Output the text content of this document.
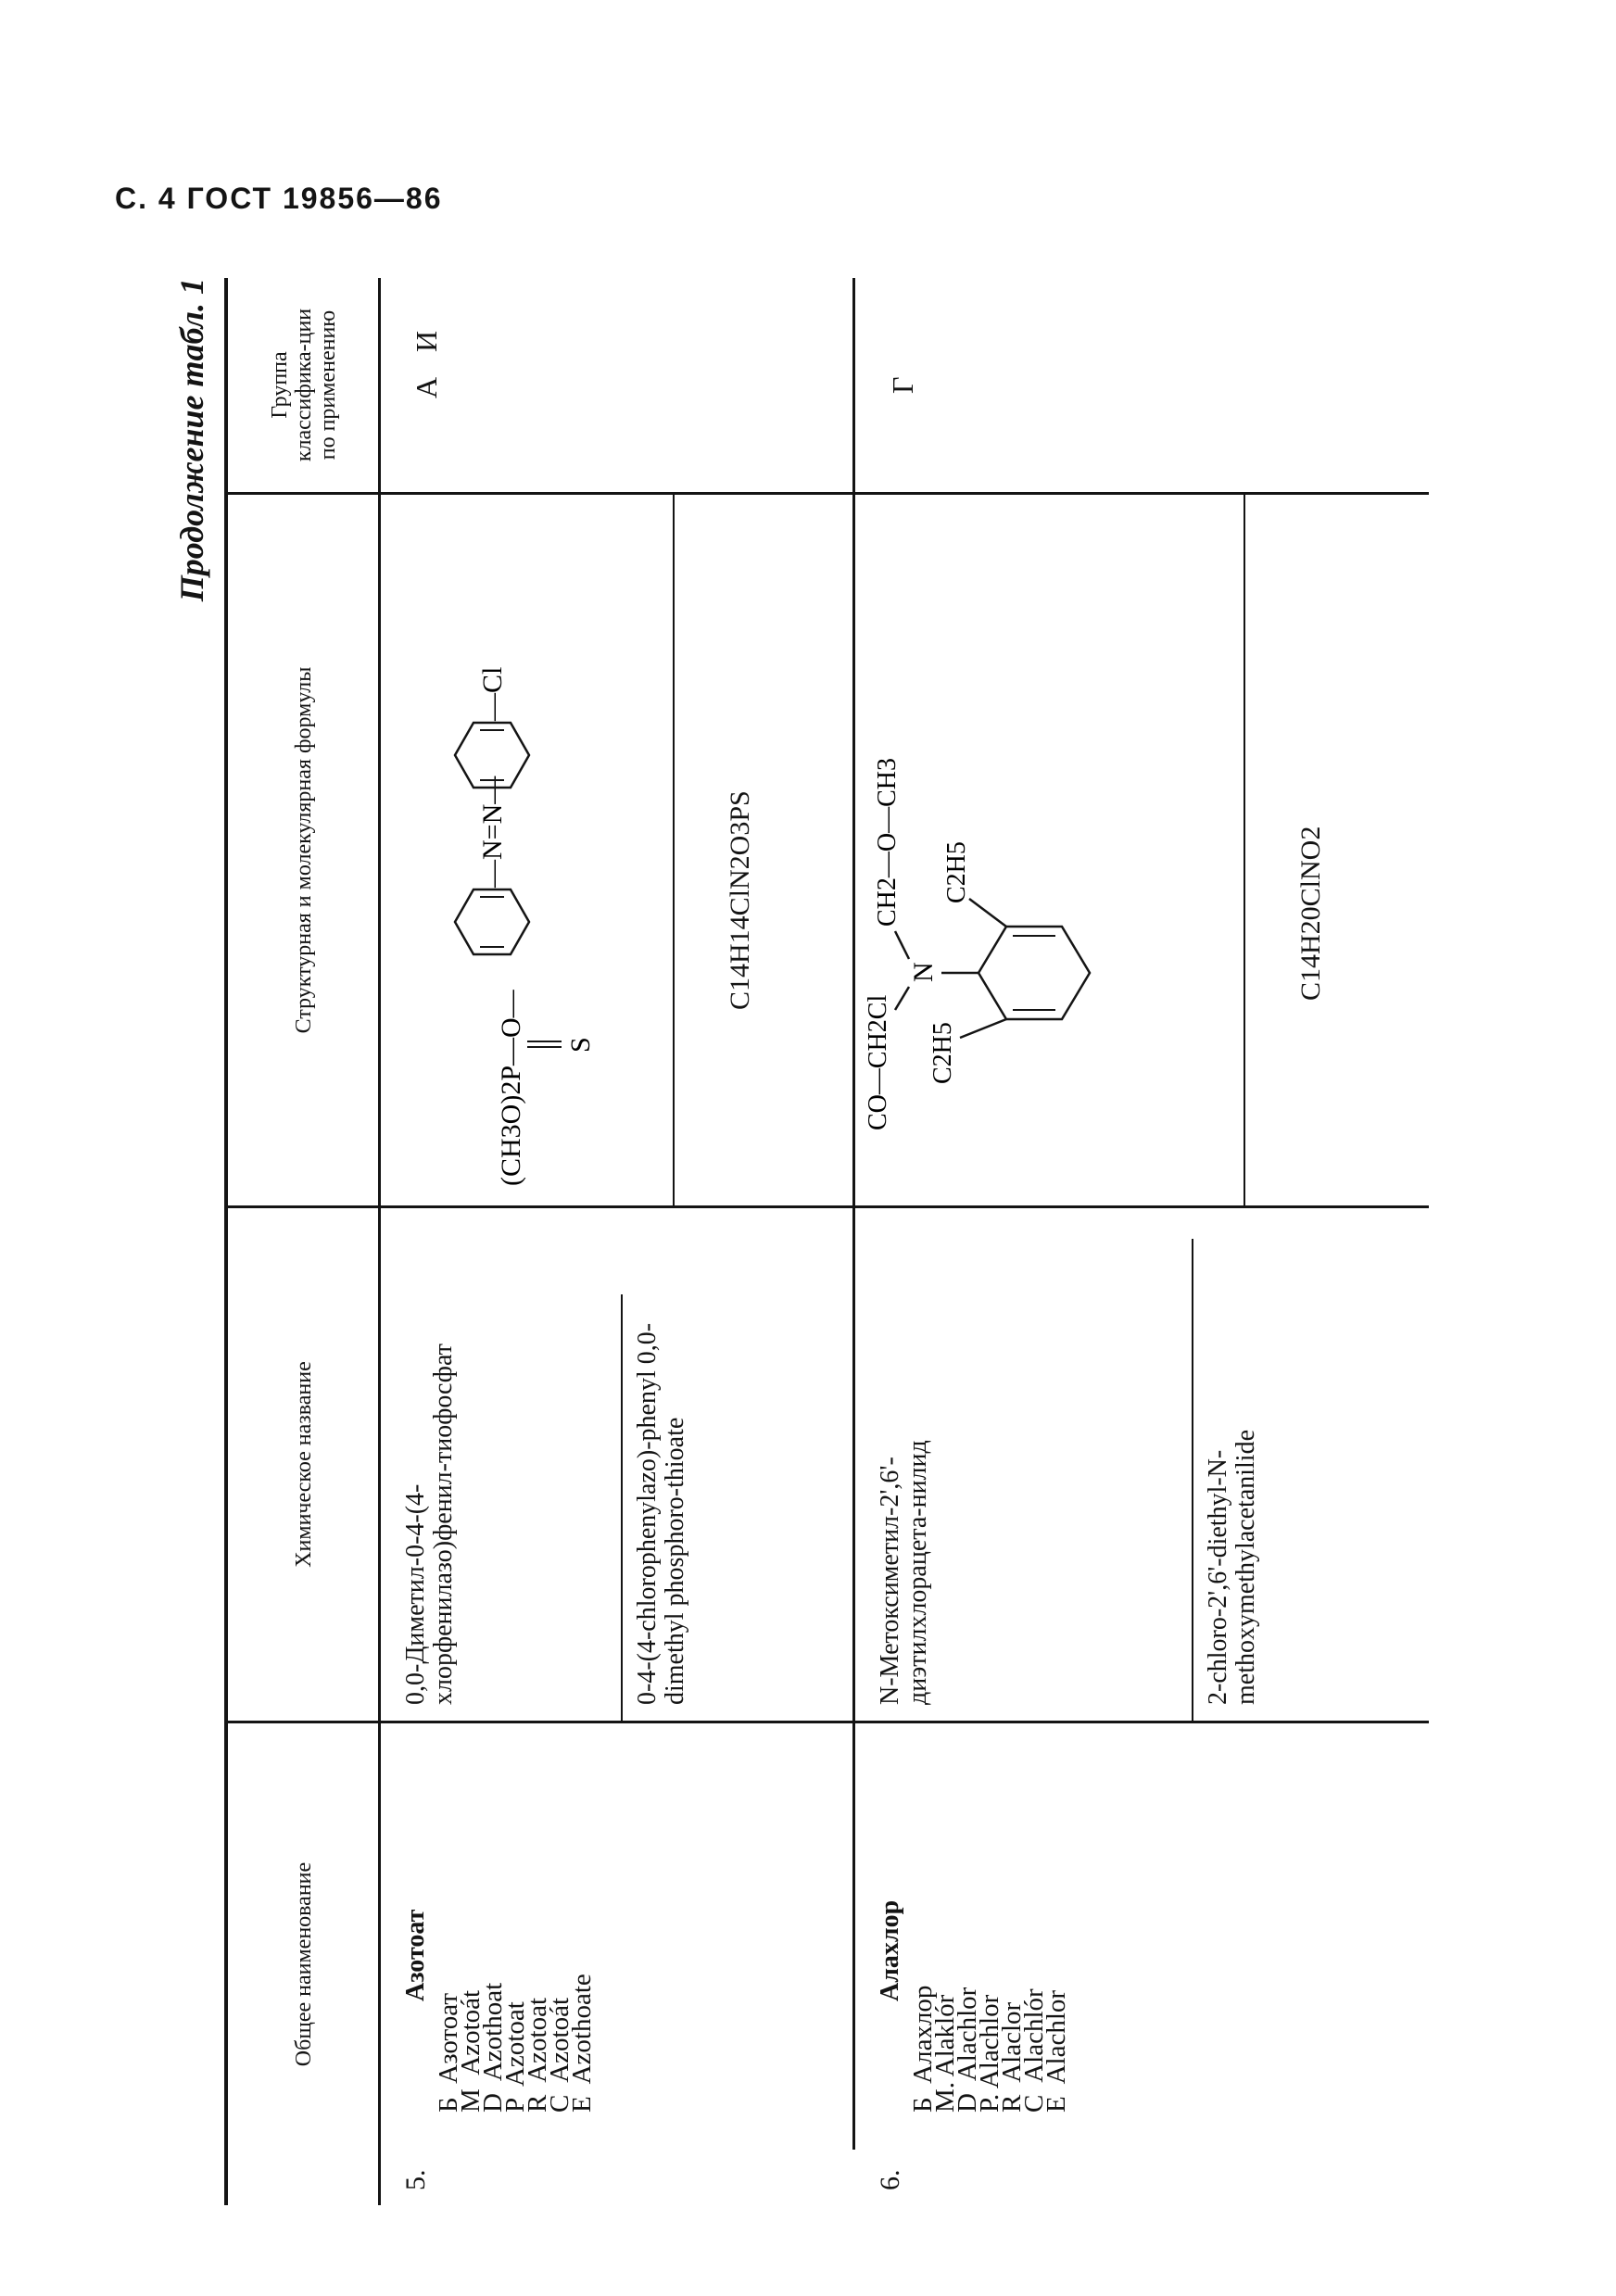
С. 4 ГОСТ 19856—86
Продолжение табл. 1
Общее наименование
Химическое название
Структурная и молекулярная формулы
Группа классифика-ции по применению
5.
Азотоат
Б  Азотоат
М  Azotoát
D  Azothoat
P  Azotoat
R  Azotoat
C  Azotoát
E  Azothoate
0,0-Диметил-0-4-(4-хлорфенилазо)фенил-тиофосфат	0-4-(4-chlorophenylazo)-phenyl 0,0-dimethyl phosphoro-thioate
(CH3O)2P—O— S
—N=N—
—Cl
C14H14ClN2O3PS
А
И
6.
Алахлор
Б  Алахлор
M. Alaklór
D  Alachlor
P. Alachlor
R  Alaclor
C  Alachlór
E  Alachlor
N-Метоксиметил-2',6'-диэтилхлорацета-нилид	2-chloro-2',6'-diethyl-N-methoxymethylacetanilide
C2H5
C2H5
N
CH2—O—CH3
CO—CH2Cl
C14H20ClNO2
Г
